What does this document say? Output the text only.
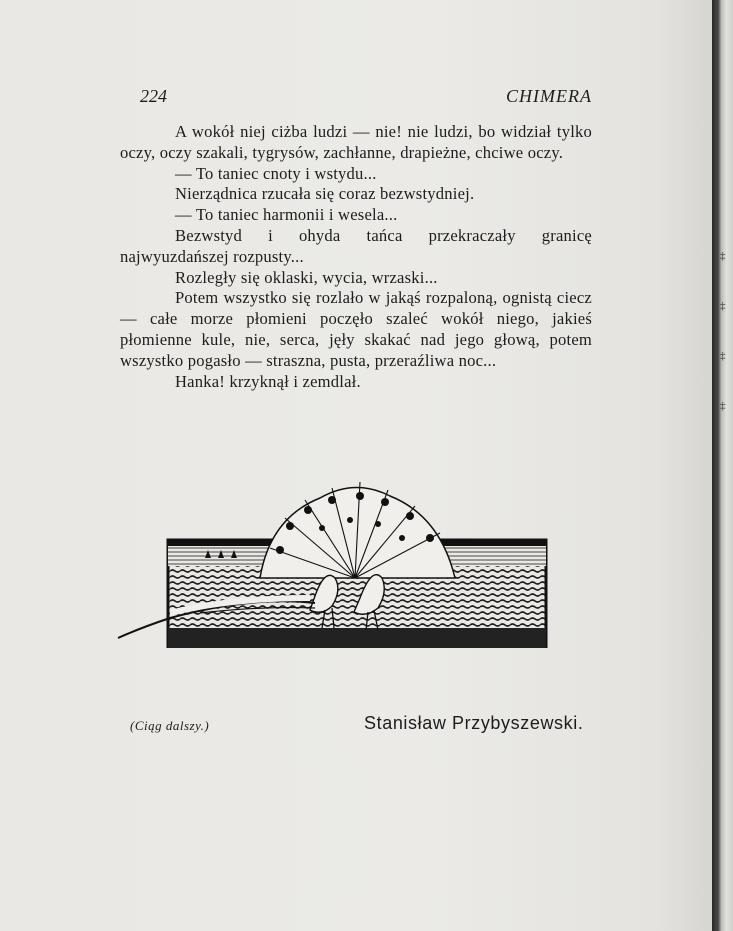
224	CHIMERA

A wokół niej ciżba ludzi — nie! nie ludzi, bo widział tylko oczy, oczy szakali, tygrysów, zachłanne, drapieżne, chciwe oczy.

— To taniec cnoty i wstydu...

Nierządnica rzucała się coraz bezwstydniej.

— To taniec harmonii i wesela...

Bezwstyd i ohyda tańca przekraczały granicę najwyuzdańszej rozpusty...

Rozległy się oklaski, wycia, wrzaski...

Potem wszystko się rozlało w jakąś rozpaloną, ognistą ciecz — całe morze płomieni poczęło szaleć wokół niego, jakieś płomienne kule, nie, serca, jęły skakać nad jego głową, potem wszystko pogasło — straszna, pusta, przeraźliwa noc...

Hanka! krzyknął i zemdlał.

(Ciąg dalszy.)	Stanisław Przybyszewski.
‡
‡
‡
‡
